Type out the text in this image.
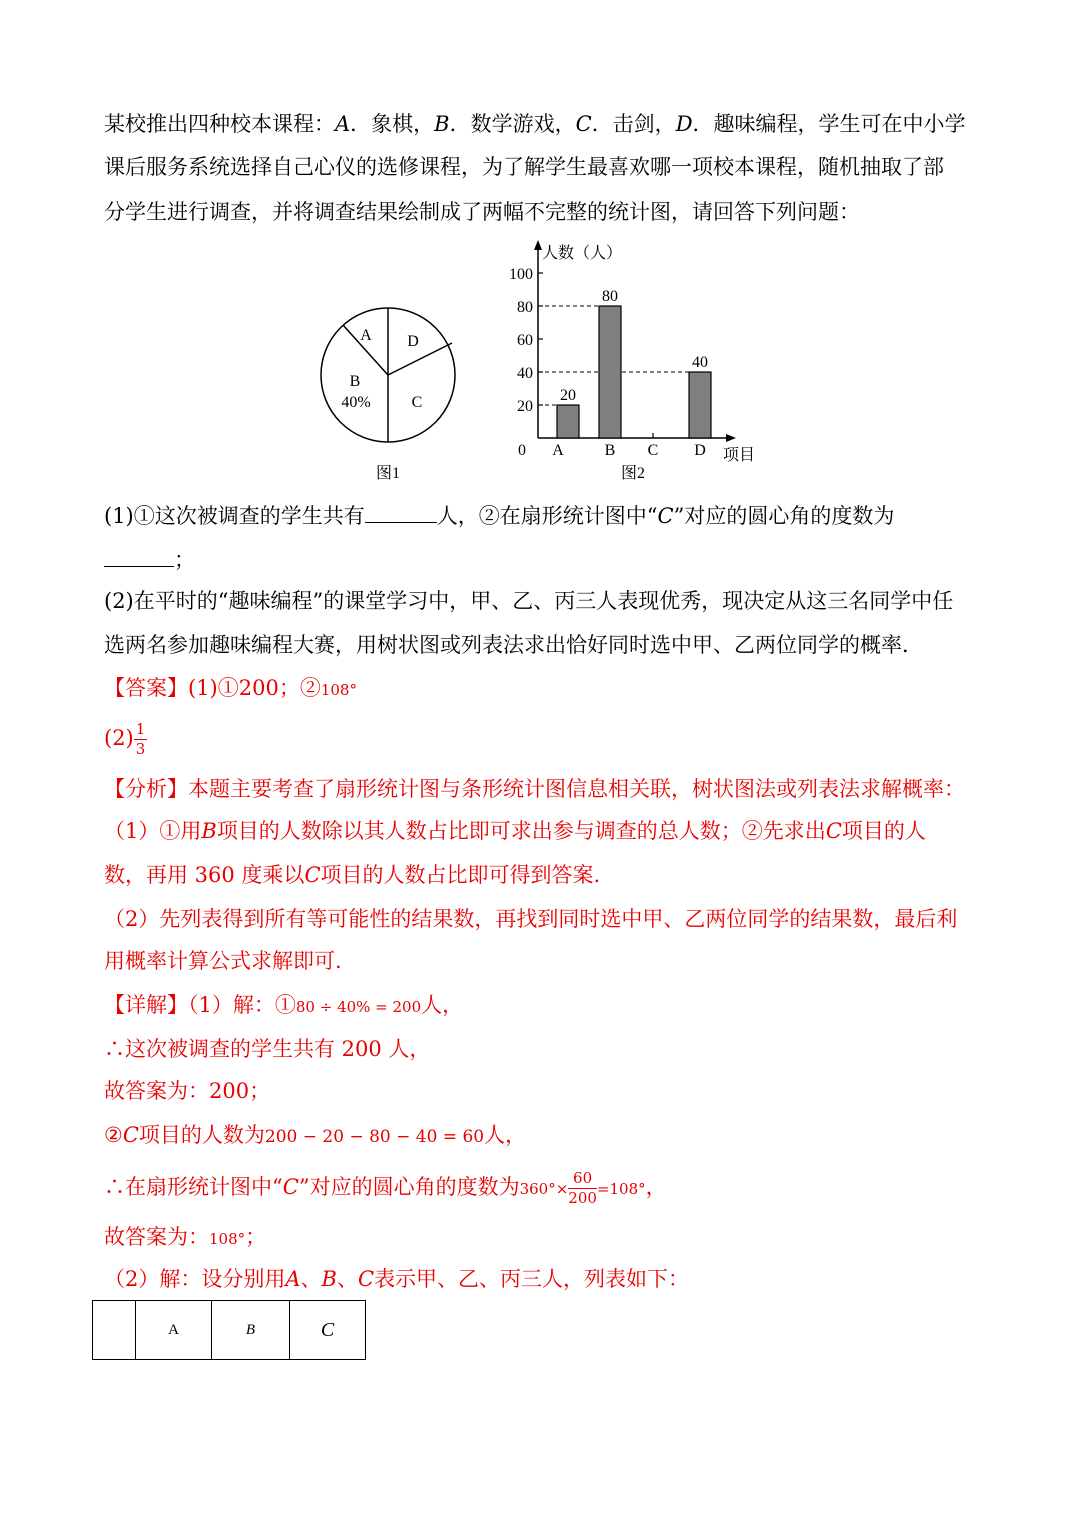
某校推出四种校本课程：A．象棋，B．数学游戏，C．击剑，D．趣味编程，学生可在中小学
课后服务系统选择自己心仪的选修课程，为了解学生最喜欢哪一项校本课程，随机抽取了部
分学生进行调查，并将调查结果绘制成了两幅不完整的统计图，请回答下列问题：
A D
B
40%	C
图1
人数（人）
项目
图2
0
20
40
60
80
100
20
A
80
B C
40
D
(1)①这次被调查的学生共有	人，②在扇形统计图中“C”对应的圆心角的度数为
；
(2)在平时的“趣味编程”的课堂学习中，甲、乙、丙三人表现优秀，现决定从这三名同学中任
选两名参加趣味编程大赛，用树状图或列表法求出恰好同时选中甲、乙两位同学的概率．
【答案】(1)①200；②108°
$(2) \frac{1}{3}$
【分析】本题主要考查了扇形统计图与条形统计图信息相关联，树状图法或列表法求解概率：
（1）①用B项目的人数除以其人数占比即可求出参与调查的总人数；②先求出C项目的人
数，再用 360 度乘以C项目的人数占比即可得到答案.
（2）先列表得到所有等可能性的结果数，再找到同时选中甲、乙两位同学的结果数，最后利
用概率计算公式求解即可.
【详解】（1）解：①80 ÷ 40% = 200人，
∴这次被调查的学生共有 200 人，
故答案为：200；
②C项目的人数为200 − 20 − 80 − 40 = 60人，
∴在扇形统计图中“C”对应的圆心角的度数为$360^\circ\times \frac{60}{200} =108^\circ$，
故答案为：108°；
（2）解：设分别用A、B、C表示甲、乙、丙三人，列表如下：
	A	B	C
